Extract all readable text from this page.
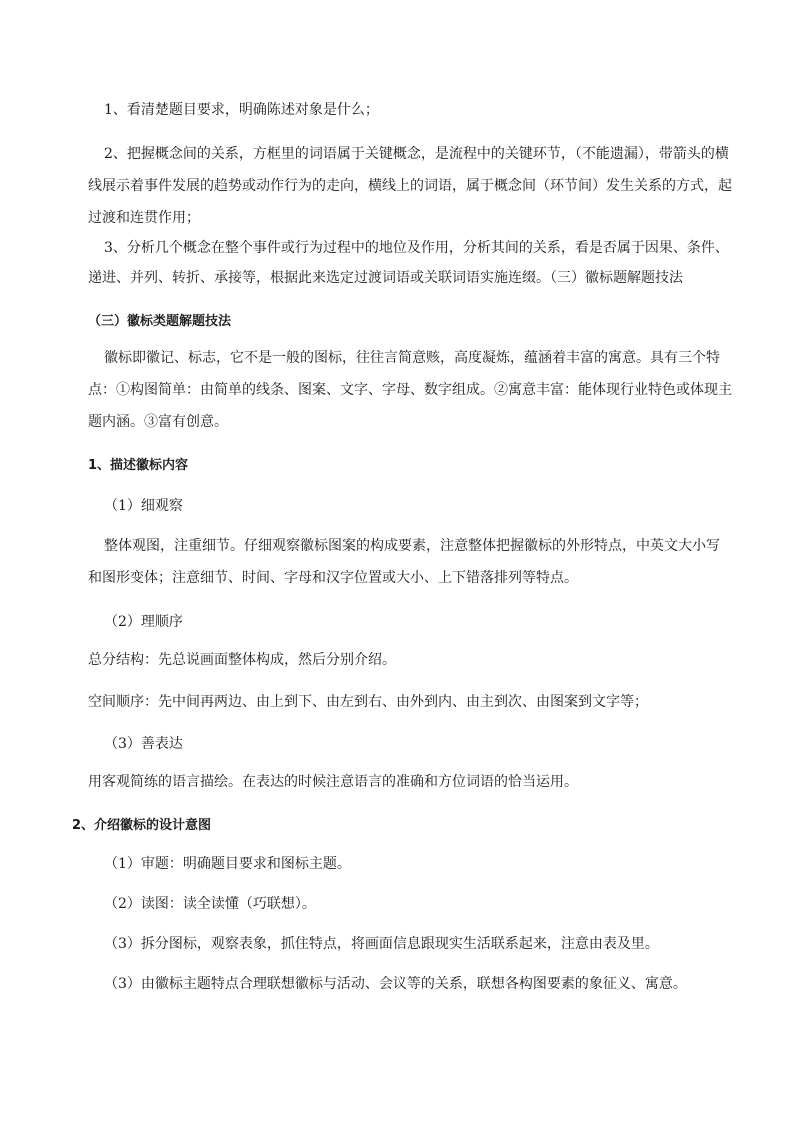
1、看清楚题目要求，明确陈述对象是什么；
2、把握概念间的关系，方框里的词语属于关键概念，是流程中的关键环节，（不能遗漏），带箭头的横
线展示着事件发展的趋势或动作行为的走向，横线上的词语，属于概念间（环节间）发生关系的方式，起
过渡和连贯作用；
3、分析几个概念在整个事件或行为过程中的地位及作用，分析其间的关系，看是否属于因果、条件、
递进、并列、转折、承接等，根据此来选定过渡词语或关联词语实施连缀。（三）徽标题解题技法
（三）徽标类题解题技法
徽标即徽记、标志，它不是一般的图标，往往言简意赅，高度凝炼，蕴涵着丰富的寓意。具有三个特
点：①构图简单：由简单的线条、图案、文字、字母、数字组成。②寓意丰富：能体现行业特色或体现主
题内涵。③富有创意。
1、描述徽标内容
（1）细观察
整体观图，注重细节。仔细观察徽标图案的构成要素，注意整体把握徽标的外形特点，中英文大小写
和图形变体；注意细节、时间、字母和汉字位置或大小、上下错落排列等特点。
（2）理顺序
总分结构：先总说画面整体构成，然后分别介绍。
空间顺序：先中间再两边、由上到下、由左到右、由外到内、由主到次、由图案到文字等；
（3）善表达
用客观简练的语言描绘。在表达的时候注意语言的准确和方位词语的恰当运用。
2、介绍徽标的设计意图
（1）审题：明确题目要求和图标主题。
（2）读图：读全读懂（巧联想）。
（3）拆分图标，观察表象，抓住特点，将画面信息跟现实生活联系起来，注意由表及里。
（3）由徽标主题特点合理联想徽标与活动、会议等的关系，联想各构图要素的象征义、寓意。
